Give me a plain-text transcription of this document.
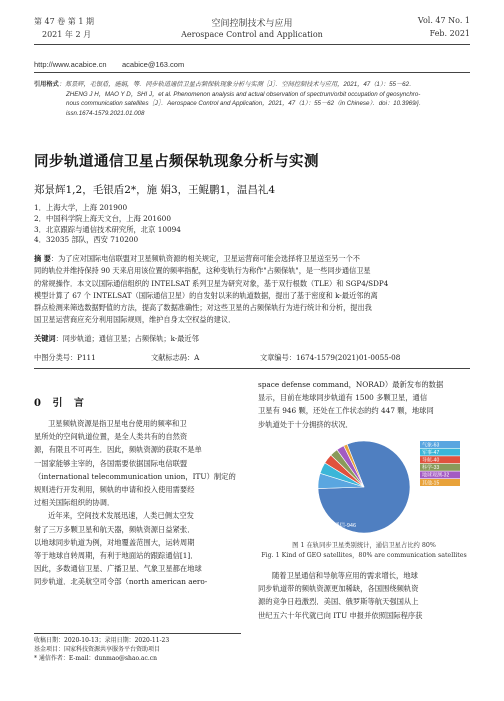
第 47 卷 第 1 期
2021 年 2 月
空间控制技术与应用
Aerospace Control and Application
Vol. 47 No. 1
Feb. 2021
http://www.acabice.cn acabice@163.com
引用格式：郑景辉，毛银盾，施娟，等．同步轨道通信卫星占频保轨现象分析与实测［J］．空间控制技术与应用，2021，47（1）：55－62．
ZHENG J H，MAO Y D，SHI J，et al. Phenomenon analysis and actual observation of spectrum/orbit occupation of geosynchro-
nous communication satellites［J］．Aerospace Control and Application，2021，47（1）：55－62（in Chinese）．doi：10.3969/j．
issn.1674-1579.2021.01.008
同步轨道通信卫星占频保轨现象分析与实测
郑景辉1,2，毛银盾2*，施 娟3，王鲲鹏1，温昌礼4
1．上海大学，上海 201900
2．中国科学院上海天文台，上海 201600
3．北京跟踪与通信技术研究所，北京 10094
4．32035 部队，西安 710200
摘 要：为了应对国际电信联盟对卫星频轨资源的相关规定，卫星运营商可能会选择将卫星送至另一个不
同的轨位并维持保持 90 天来启用该位置的频率指配，这种变轨行为称作"占频保轨"，是一些同步通信卫星
的常规操作．本文以国际通信组织的 INTELSAT 系列卫星为研究对象，基于双行根数（TLE）和 SGP4/SDP4
模型计算了 67 个 INTELSAT（国际通信卫星）的自发射以来的轨道数据，提出了基于密度和 k-最近邻的离
群点检测来筛选数据野值的方法，提高了数据准确性；对这些卫星的占频保轨行为进行统计和分析，提出我
国卫星运营商应充分利用国际规则，维护自身太空权益的建议．
关键词：同步轨道；通信卫星；占频保轨；k-最近邻
中图分类号：P111	文献标志码：A	文章编号：1674-1579(2021)01-0055-08
0 引 言
卫星频轨资源是指卫星电台使用的频率和卫
星所处的空间轨道位置，是全人类共有的自然资
源，有限且不可再生．因此，频轨资源的获取不是单
一国家能够主宰的，各国需要依据国际电信联盟
（international telecommunication union，ITU）制定的
规则进行开发利用，频轨的申请和投入使用需要经
过相关国际组织的协调．
近年来，空间技术发展迅速，人类已侧太空发
射了三万多颗卫星和航天器，频轨资源日益紧张．
以地球同步轨道为例，对地覆盖范围大，运转周期
等于地球自转周期，有利于地面站的跟踪通信[1]．
因此，多数通信卫星、广播卫星、气象卫星都在地球
同步轨道．北美航空司令部（north american aero-
space defense command，NORAD）最新发布的数据
显示，目前在地球同步轨道有 1500 多颗卫星，通信
卫星有 946 颗，还处在工作状态的约 447 颗，地球同
步轨道处于十分拥挤的状况．
通信-946
气象-63
军事-47
导航-40
科学-33
地球观测-32
其他-15
图 1 在轨同步卫星类别统计，通信卫星占比约 80%
Fig. 1 Kind of GEO satellites，80% are communication satellites
随着卫星通信和导航等应用的需求增长，地球
同步轨道带的频轨资源更加稀缺，各国围绕频轨资
源的竞争日趋激烈．美国、俄罗斯等航天强国从上
世纪五六十年代就已向 ITU 申报并依照国际程序获
收稿日期：2020-10-13；录用日期：2020-11-23
基金项目：国家科技资源共享服务平台资助项目
* 通信作者：E-mail：dunmao@shao.ac.cn
